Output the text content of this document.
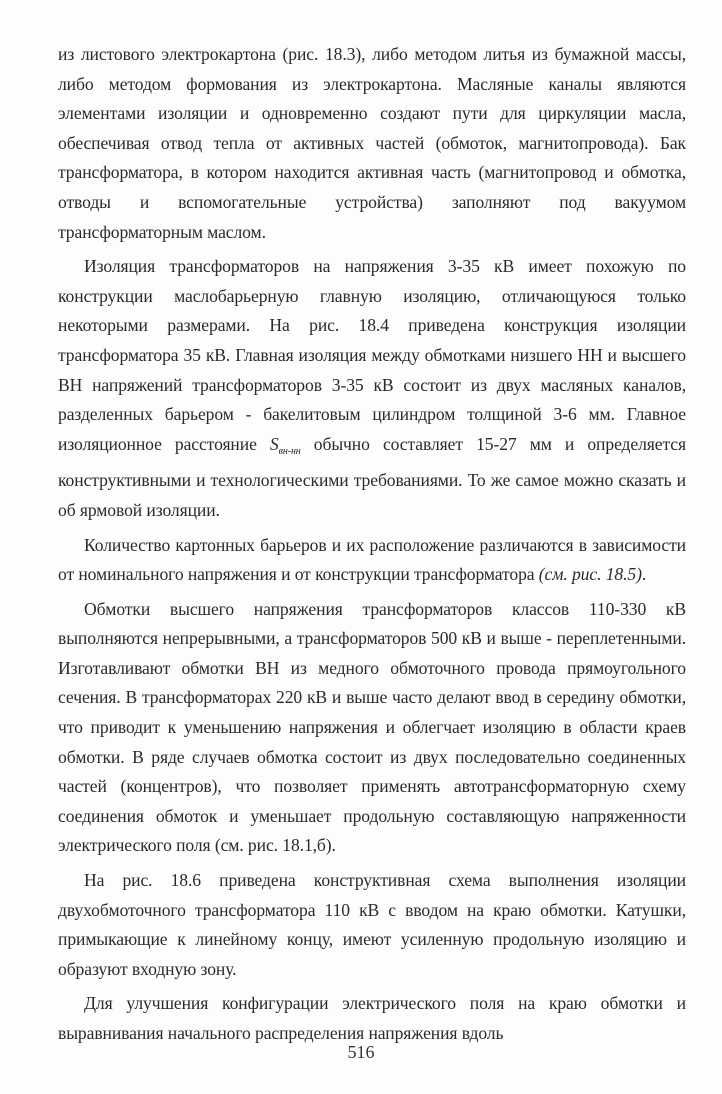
из листового электрокартона (рис. 18.3), либо методом литья из бумажной массы, либо методом формования из электрокартона. Масляные каналы являются элементами изоляции и одновременно создают пути для циркуляции масла, обеспечивая отвод тепла от активных частей (обмоток, магнитопровода). Бак трансформатора, в котором находится активная часть (магнитопровод и обмотка, отводы и вспомогательные устройства) заполняют под вакуумом трансформаторным маслом.

Изоляция трансформаторов на напряжения 3-35 кВ имеет похожую по конструкции маслобарьерную главную изоляцию, отличающуюся только некоторыми размерами. На рис. 18.4 приведена конструкция изоляции трансформатора 35 кВ. Главная изоляция между обмотками низшего НН и высшего ВН напряжений трансформаторов 3-35 кВ состоит из двух масляных каналов, разделенных барьером - бакелитовым цилиндром толщиной 3-6 мм. Главное изоляционное расстояние $S_{вн-нн}$ обычно составляет 15-27 мм и определяется конструктивными и технологическими требованиями. То же самое можно сказать и об ярмовой изоляции.

Количество картонных барьеров и их расположение различаются в зависимости от номинального напряжения и от конструкции трансформатора (см. рис. 18.5).

Обмотки высшего напряжения трансформаторов классов 110-330 кВ выполняются непрерывными, а трансформаторов 500 кВ и выше - переплетенными. Изготавливают обмотки ВН из медного обмоточного провода прямоугольного сечения. В трансформаторах 220 кВ и выше часто делают ввод в середину обмотки, что приводит к уменьшению напряжения и облегчает изоляцию в области краев обмотки. В ряде случаев обмотка состоит из двух последовательно соединенных частей (концентров), что позволяет применять автотрансформаторную схему соединения обмоток и уменьшает продольную составляющую напряженности электрического поля (см. рис. 18.1,б).

На рис. 18.6 приведена конструктивная схема выполнения изоляции двухобмоточного трансформатора 110 кВ с вводом на краю обмотки. Катушки, примыкающие к линейному концу, имеют усиленную продольную изоляцию и образуют входную зону.

Для улучшения конфигурации электрического поля на краю обмотки и выравнивания начального распределения напряжения вдоль

516
